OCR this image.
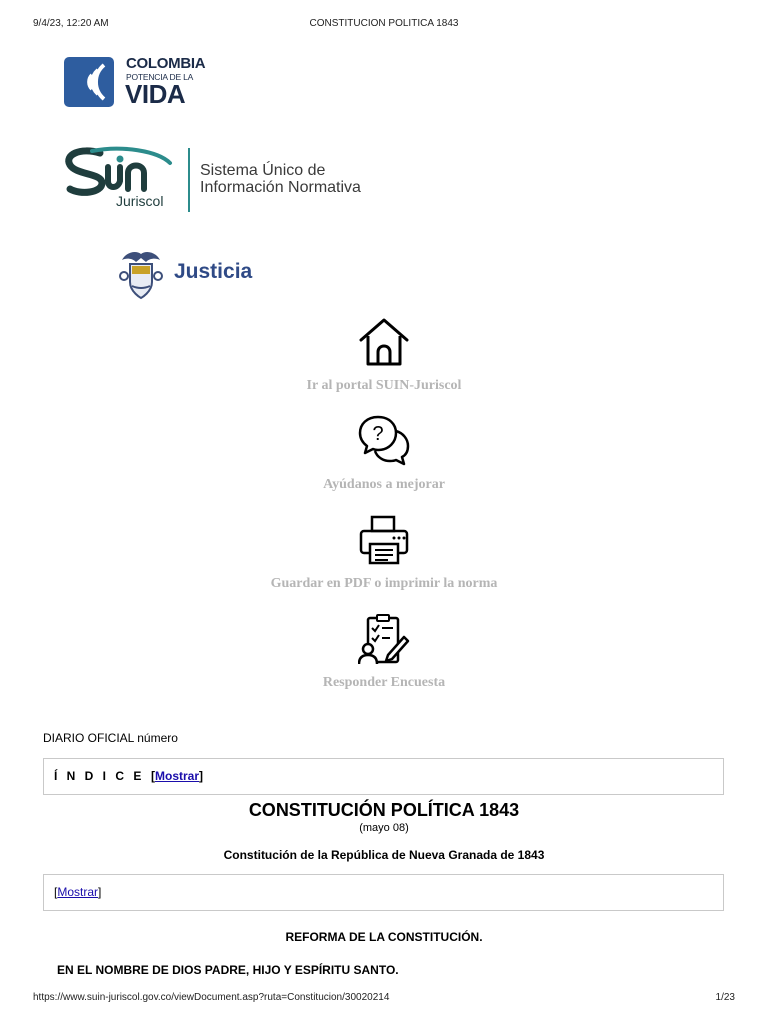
9/4/23, 12:20 AM	CONSTITUCION POLITICA 1843
COLOMBIA
POTENCIA DE LA
VIDA
Juriscol
Sistema Único de
Información Normativa
Justicia
Ir al portal SUIN-Juriscol
?
Ayúdanos a mejorar
Guardar en PDF o imprimir la norma
Responder Encuesta
DIARIO OFICIAL número
Í N D I C E [Mostrar]
CONSTITUCIÓN POLÍTICA 1843
(mayo 08)
Constitución de la República de Nueva Granada de 1843
[Mostrar]
REFORMA DE LA CONSTITUCIÓN.
EN EL NOMBRE DE DIOS PADRE, HIJO Y ESPÍRITU SANTO.
https://www.suin-juriscol.gov.co/viewDocument.asp?ruta=Constitucion/30020214	1/23
